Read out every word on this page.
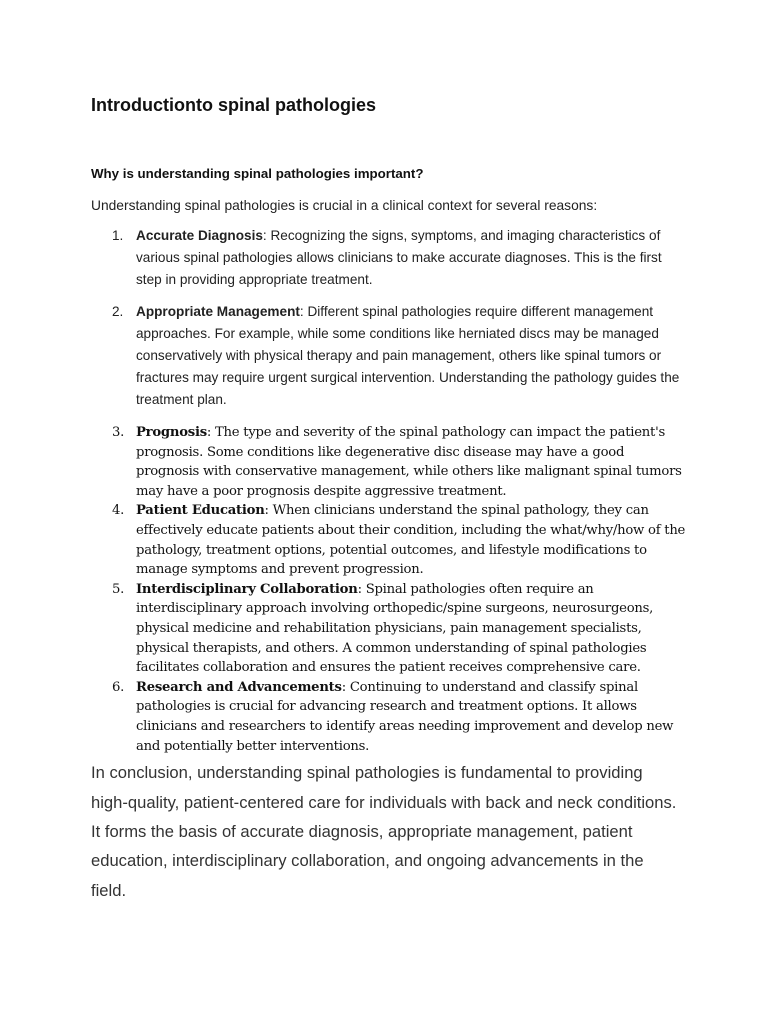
Introductionto spinal pathologies
Why is understanding spinal pathologies important?

Understanding spinal pathologies is crucial in a clinical context for several reasons:

1. Accurate Diagnosis: Recognizing the signs, symptoms, and imaging characteristics of various spinal pathologies allows clinicians to make accurate diagnoses. This is the first step in providing appropriate treatment.
2. Appropriate Management: Different spinal pathologies require different management approaches. For example, while some conditions like herniated discs may be managed conservatively with physical therapy and pain management, others like spinal tumors or fractures may require urgent surgical intervention. Understanding the pathology guides the treatment plan.
3. Prognosis: The type and severity of the spinal pathology can impact the patient's prognosis. Some conditions like degenerative disc disease may have a good prognosis with conservative management, while others like malignant spinal tumors may have a poor prognosis despite aggressive treatment.
4. Patient Education: When clinicians understand the spinal pathology, they can effectively educate patients about their condition, including the what/why/how of the pathology, treatment options, potential outcomes, and lifestyle modifications to manage symptoms and prevent progression.
5. Interdisciplinary Collaboration: Spinal pathologies often require an interdisciplinary approach involving orthopedic/spine surgeons, neurosurgeons, physical medicine and rehabilitation physicians, pain management specialists, physical therapists, and others. A common understanding of spinal pathologies facilitates collaboration and ensures the patient receives comprehensive care.
6. Research and Advancements: Continuing to understand and classify spinal pathologies is crucial for advancing research and treatment options. It allows clinicians and researchers to identify areas needing improvement and develop new and potentially better interventions.

In conclusion, understanding spinal pathologies is fundamental to providing high-quality, patient-centered care for individuals with back and neck conditions. It forms the basis of accurate diagnosis, appropriate management, patient education, interdisciplinary collaboration, and ongoing advancements in the field.
